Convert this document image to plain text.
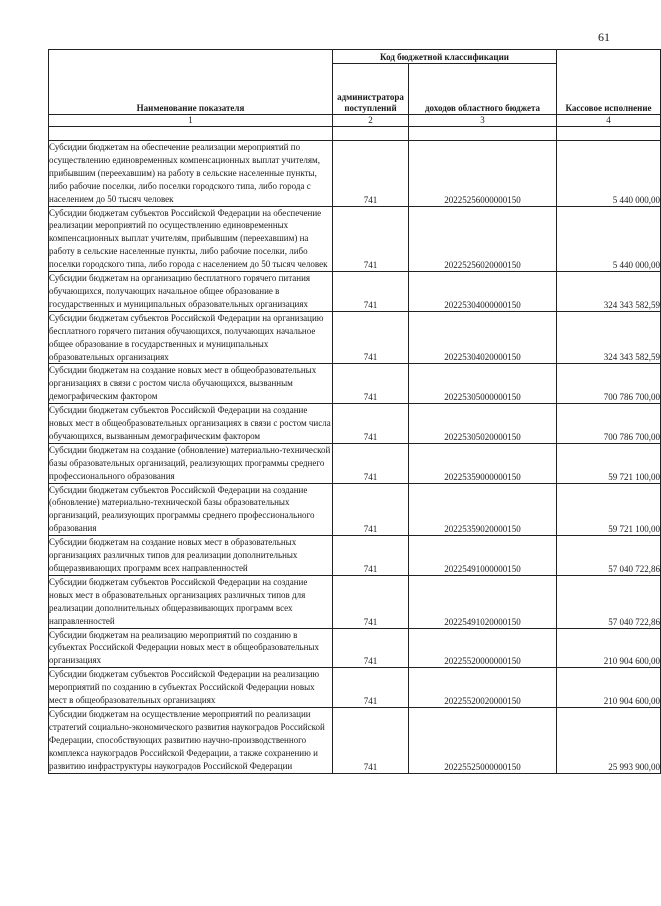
61
Наименование показателя	Код бюджетной классификации		Кассовое исполнение
	администратора поступлений	доходов областного бюджета	
1	2	3	4

Субсидии бюджетам на обеспечение реализации мероприятий по осуществлению единовременных компенсационных выплат учителям, прибывшим (переехавшим) на работу в сельские населенные пункты, либо рабочие поселки, либо поселки городского типа, либо города с населением до 50 тысяч человек	741	20225256000000150	5 440 000,00
Субсидии бюджетам субъектов Российской Федерации на обеспечение реализации мероприятий по осуществлению единовременных компенсационных выплат учителям, прибывшим (переехавшим) на работу в сельские населенные пункты, либо рабочие поселки, либо поселки городского типа, либо города с населением до 50 тысяч человек	741	20225256020000150	5 440 000,00
Субсидии бюджетам на организацию бесплатного горячего питания обучающихся, получающих начальное общее образование в государственных и муниципальных образовательных организациях	741	20225304000000150	324 343 582,59
Субсидии бюджетам субъектов Российской Федерации на организацию бесплатного горячего питания обучающихся, получающих начальное общее образование в государственных и муниципальных образовательных организациях	741	20225304020000150	324 343 582,59
Субсидии бюджетам на создание новых мест в общеобразовательных организациях в связи с ростом числа обучающихся, вызванным демографическим фактором	741	20225305000000150	700 786 700,00
Субсидии бюджетам субъектов Российской Федерации на создание новых мест в общеобразовательных организациях в связи с ростом числа обучающихся, вызванным демографическим фактором	741	20225305020000150	700 786 700,00
Субсидии бюджетам на создание (обновление) материально-технической базы образовательных организаций, реализующих программы среднего профессионального образования	741	20225359000000150	59 721 100,00
Субсидии бюджетам субъектов Российской Федерации на создание (обновление) материально-технической базы образовательных организаций, реализующих программы среднего профессионального образования	741	20225359020000150	59 721 100,00
Субсидии бюджетам на создание новых мест в образовательных организациях различных типов для реализации дополнительных общеразвивающих программ всех направленностей	741	20225491000000150	57 040 722,86
Субсидии бюджетам субъектов Российской Федерации на создание новых мест в образовательных организациях различных типов для реализации дополнительных общеразвивающих программ всех направленностей	741	20225491020000150	57 040 722,86
Субсидии бюджетам на реализацию мероприятий по созданию в субъектах Российской Федерации новых мест в общеобразовательных организациях	741	20225520000000150	210 904 600,00
Субсидии бюджетам субъектов Российской Федерации на реализацию мероприятий по созданию в субъектах Российской Федерации новых мест в общеобразовательных организациях	741	20225520020000150	210 904 600,00
Субсидии бюджетам на осуществление мероприятий по реализации стратегий социально-экономического развития наукоградов Российской Федерации, способствующих развитию научно-производственного комплекса наукоградов Российской Федерации, а также сохранению и развитию инфраструктуры наукоградов Российской Федерации	741	20225525000000150	25 993 900,00
